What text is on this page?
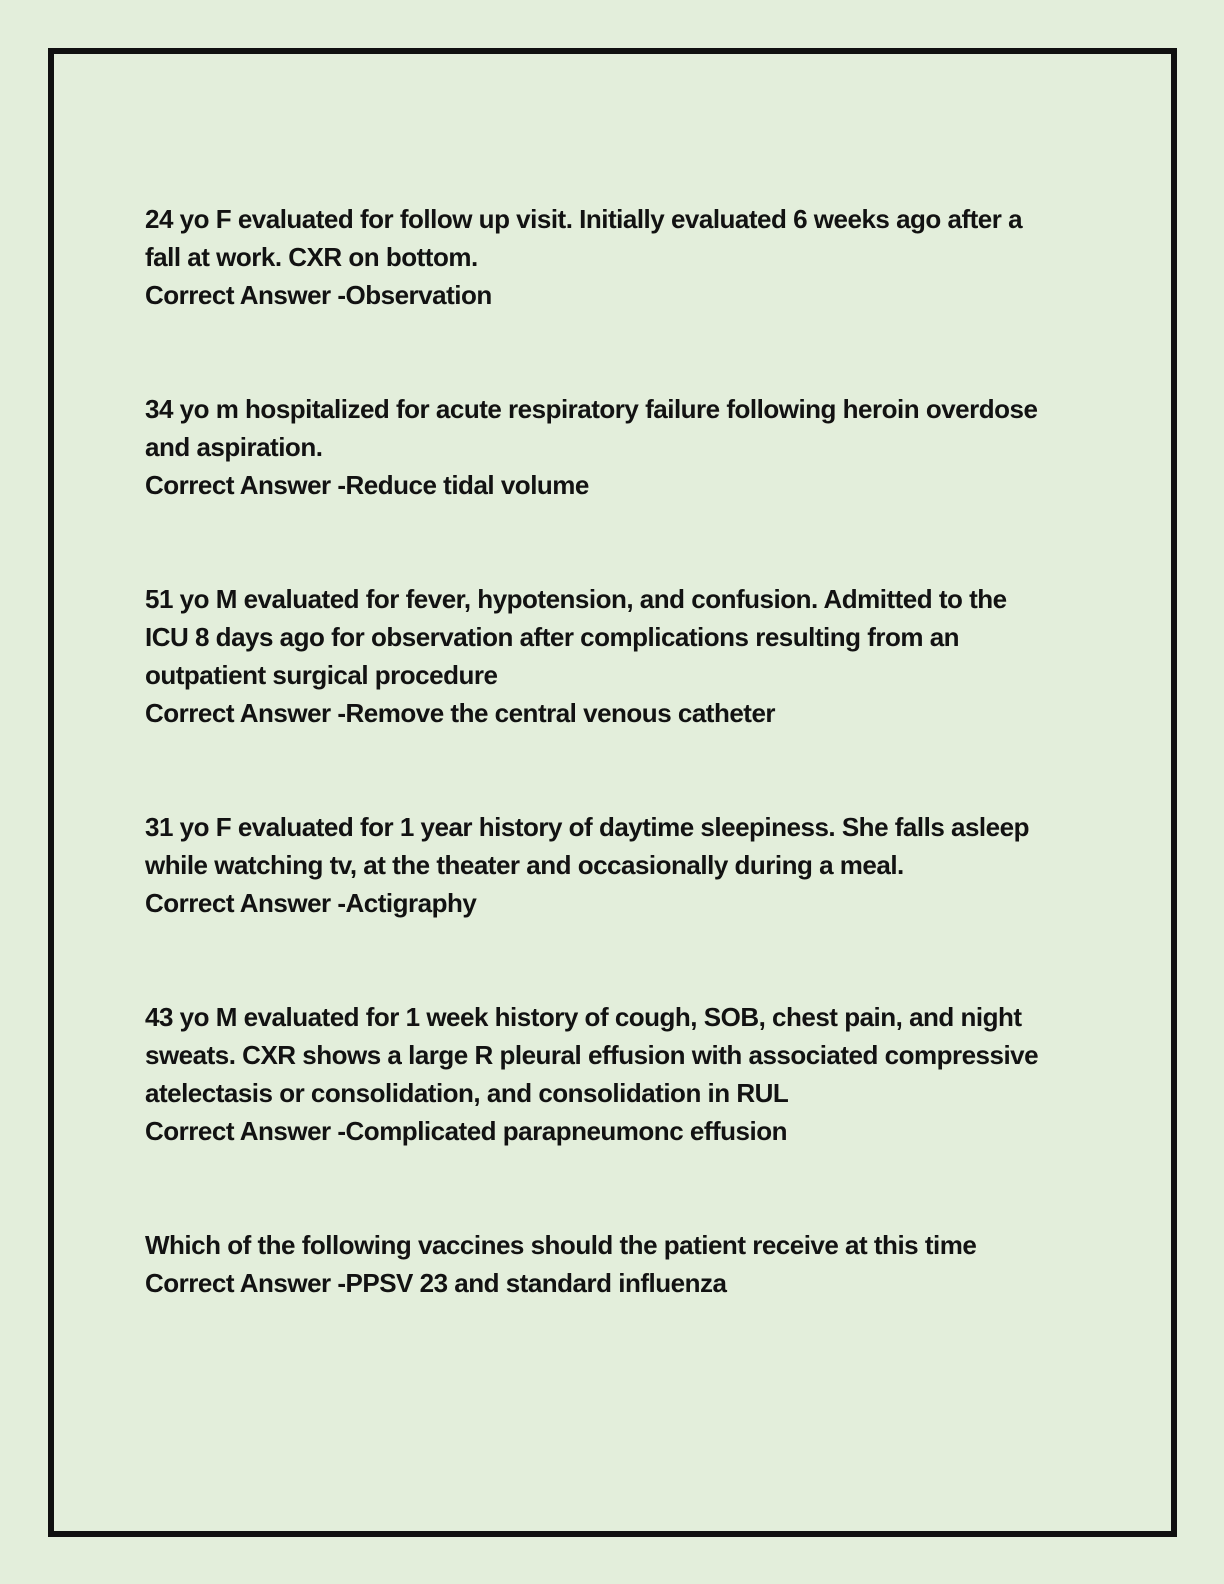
24 yo F evaluated for follow up visit. Initially evaluated 6 weeks ago after a
fall at work. CXR on bottom.
Correct Answer -Observation
34 yo m hospitalized for acute respiratory failure following heroin overdose
and aspiration.
Correct Answer -Reduce tidal volume
51 yo M evaluated for fever, hypotension, and confusion. Admitted to the
ICU 8 days ago for observation after complications resulting from an
outpatient surgical procedure
Correct Answer -Remove the central venous catheter
31 yo F evaluated for 1 year history of daytime sleepiness. She falls asleep
while watching tv, at the theater and occasionally during a meal.
Correct Answer -Actigraphy
43 yo M evaluated for 1 week history of cough, SOB, chest pain, and night
sweats. CXR shows a large R pleural effusion with associated compressive
atelectasis or consolidation, and consolidation in RUL
Correct Answer -Complicated parapneumonc effusion
Which of the following vaccines should the patient receive at this time
Correct Answer -PPSV 23 and standard influenza
